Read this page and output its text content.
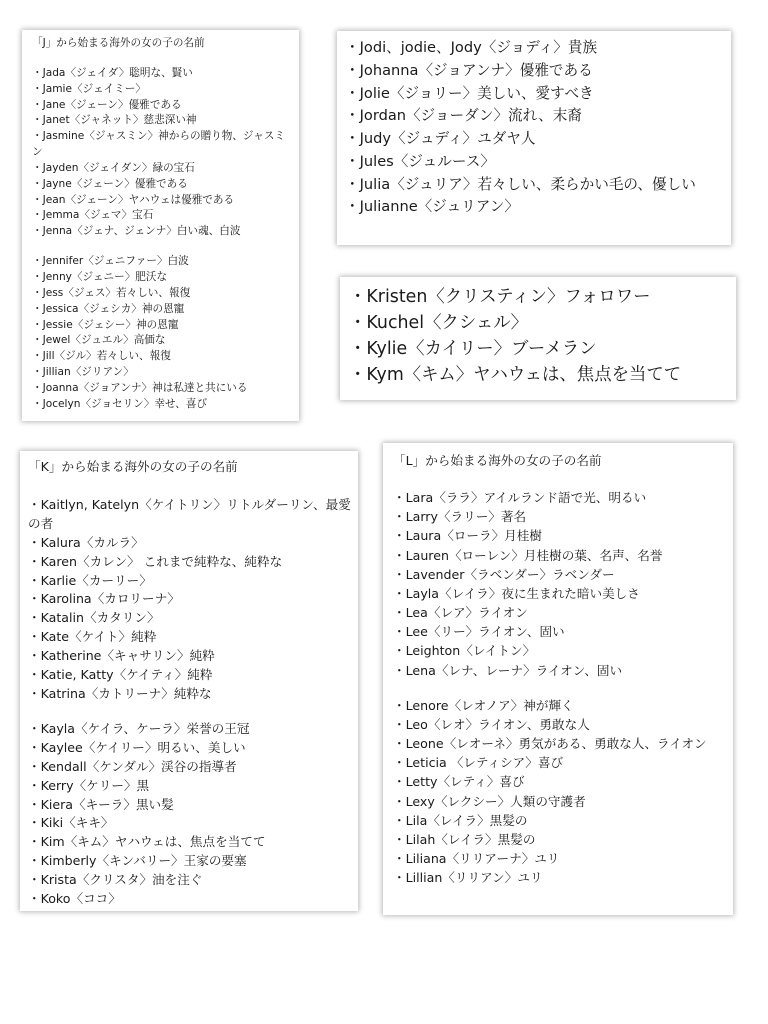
「J」から始まる海外の女の子の名前
・Jada〈ジェイダ〉聡明な、賢い
・Jamie〈ジェイミー〉
・Jane〈ジェーン〉優雅である
・Janet〈ジャネット〉慈悲深い神
・Jasmine〈ジャスミン〉神からの贈り物、ジャスミン
・Jayden〈ジェイダン〉緑の宝石
・Jayne〈ジェーン〉優雅である
・Jean〈ジェーン〉ヤハウェは優雅である
・Jemma〈ジェマ〉宝石
・Jenna〈ジェナ、ジェンナ〉白い魂、白波
・Jennifer〈ジェニファー〉白波
・Jenny〈ジェニー〉肥沃な
・Jess〈ジェス〉若々しい、報復
・Jessica〈ジェシカ〉神の恩寵
・Jessie〈ジェシー〉神の恩寵
・Jewel〈ジュエル〉高価な
・Jill〈ジル〉若々しい、報復
・Jillian〈ジリアン〉
・Joanna〈ジョアンナ〉神は私達と共にいる
・Jocelyn〈ジョセリン〉幸せ、喜び
・Jodi、jodie、Jody〈ジョディ〉貴族
・Johanna〈ジョアンナ〉優雅である
・Jolie〈ジョリー〉美しい、愛すべき
・Jordan〈ジョーダン〉流れ、末裔
・Judy〈ジュディ〉ユダヤ人
・Jules〈ジュルース〉
・Julia〈ジュリア〉若々しい、柔らかい毛の、優しい
・Julianne〈ジュリアン〉
・Kristen〈クリスティン〉フォロワー
・Kuchel〈クシェル〉
・Kylie〈カイリー〉ブーメラン
・Kym〈キム〉ヤハウェは、焦点を当てて
「K」から始まる海外の女の子の名前
・Kaitlyn, Katelyn〈ケイトリン〉リトルダーリン、最愛の者
・Kalura〈カルラ〉
・Karen〈カレン〉 これまで純粋な、純粋な
・Karlie〈カーリー〉
・Karolina〈カロリーナ〉
・Katalin〈カタリン〉
・Kate〈ケイト〉純粋
・Katherine〈キャサリン〉純粋
・Katie, Katty〈ケイティ〉純粋
・Katrina〈カトリーナ〉純粋な
・Kayla〈ケイラ、ケーラ〉栄誉の王冠
・Kaylee〈ケイリー〉明るい、美しい
・Kendall〈ケンダル〉渓谷の指導者
・Kerry〈ケリー〉黒
・Kiera〈キーラ〉黒い髪
・Kiki〈キキ〉
・Kim〈キム〉ヤハウェは、焦点を当てて
・Kimberly〈キンバリー〉王家の要塞
・Krista〈クリスタ〉油を注ぐ
・Koko〈ココ〉
「L」から始まる海外の女の子の名前
・Lara〈ララ〉アイルランド語で光、明るい
・Larry〈ラリー〉著名
・Laura〈ローラ〉月桂樹
・Lauren〈ローレン〉月桂樹の葉、名声、名誉
・Lavender〈ラベンダー〉ラベンダー
・Layla〈レイラ〉夜に生まれた暗い美しさ
・Lea〈レア〉ライオン
・Lee〈リー〉ライオン、固い
・Leighton〈レイトン〉
・Lena〈レナ、レーナ〉ライオン、固い
・Lenore〈レオノア〉神が輝く
・Leo〈レオ〉ライオン、勇敢な人
・Leone〈レオーネ〉勇気がある、勇敢な人、ライオン
・Leticia 〈レティシア〉喜び
・Letty〈レティ〉喜び
・Lexy〈レクシー〉人類の守護者
・Lila〈レイラ〉黒髪の
・Lilah〈レイラ〉黒髪の
・Liliana〈リリアーナ〉ユリ
・Lillian〈リリアン〉ユリ
